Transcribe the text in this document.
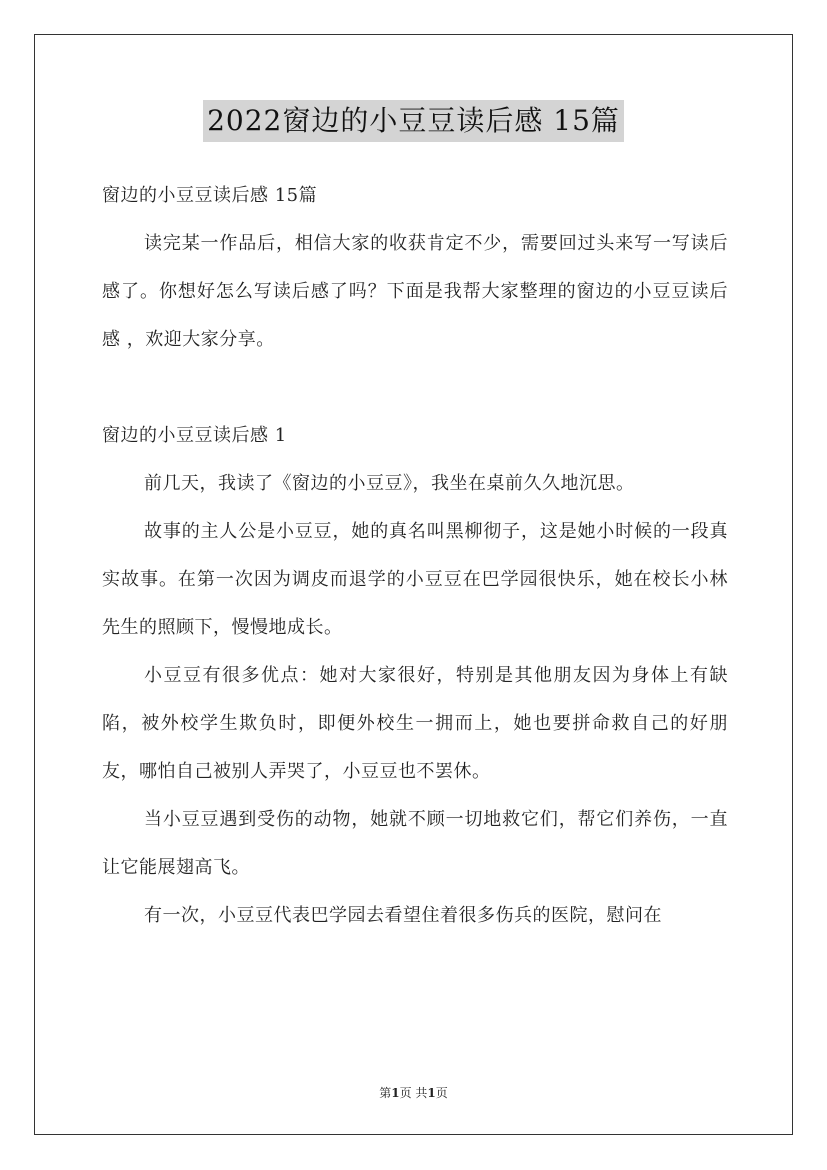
2022窗边的小豆豆读后感 15篇

窗边的小豆豆读后感 15篇

读完某一作品后，相信大家的收获肯定不少，需要回过头来写一写读后感了。你想好怎么写读后感了吗？下面是我帮大家整理的窗边的小豆豆读后感 ，欢迎大家分享。

窗边的小豆豆读后感 1

前几天，我读了《窗边的小豆豆》，我坐在桌前久久地沉思。

故事的主人公是小豆豆，她的真名叫黑柳彻子，这是她小时候的一段真实故事。在第一次因为调皮而退学的小豆豆在巴学园很快乐，她在校长小林先生的照顾下，慢慢地成长。

小豆豆有很多优点：她对大家很好，特别是其他朋友因为身体上有缺陷，被外校学生欺负时，即便外校生一拥而上，她也要拼命救自己的好朋友，哪怕自己被别人弄哭了，小豆豆也不罢休。

当小豆豆遇到受伤的动物，她就不顾一切地救它们，帮它们养伤，一直让它能展翅高飞。

有一次，小豆豆代表巴学园去看望住着很多伤兵的医院，慰问在

第1页 共1页
